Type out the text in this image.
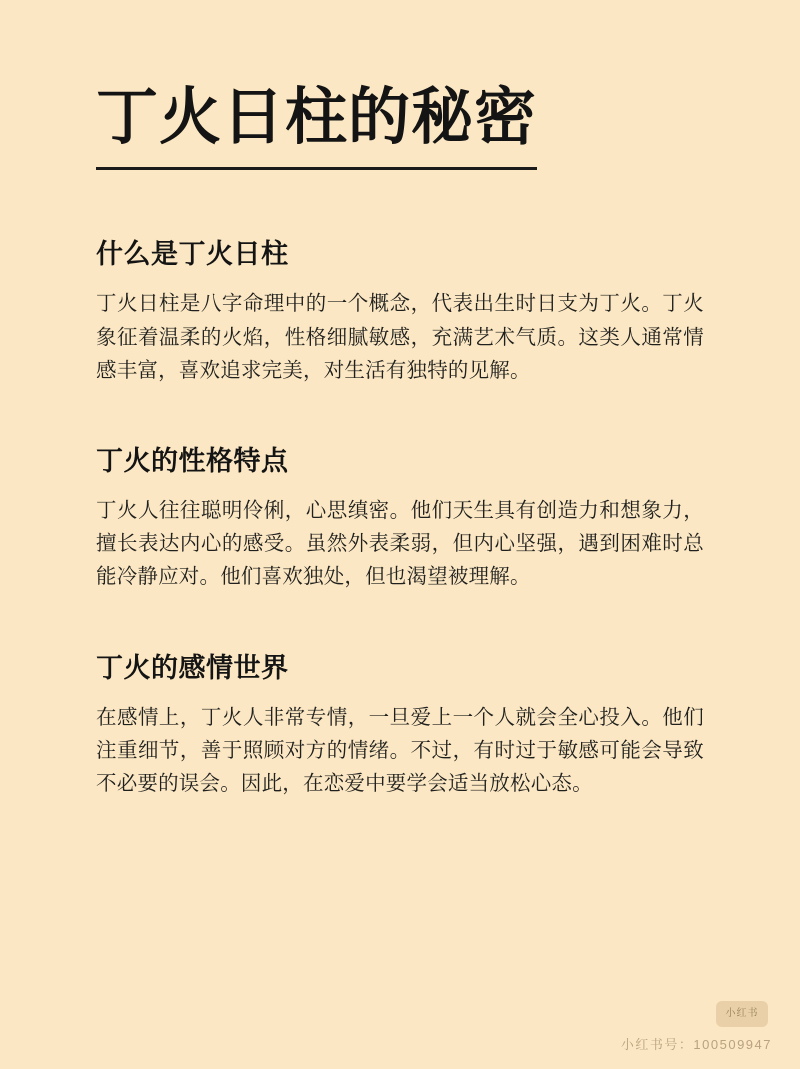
丁火日柱的秘密
什么是丁火日柱

丁火日柱是八字命理中的一个概念，代表出生时日支为丁火。丁火象征着温柔的火焰，性格细腻敏感，充满艺术气质。这类人通常情感丰富，喜欢追求完美，对生活有独特的见解。

丁火的性格特点

丁火人往往聪明伶俐，心思缜密。他们天生具有创造力和想象力，擅长表达内心的感受。虽然外表柔弱，但内心坚强，遇到困难时总能冷静应对。他们喜欢独处，但也渴望被理解。

丁火的感情世界

在感情上，丁火人非常专情，一旦爱上一个人就会全心投入。他们注重细节，善于照顾对方的情绪。不过，有时过于敏感可能会导致不必要的误会。因此，在恋爱中要学会适当放松心态。

小红书
小红书号：100509947
